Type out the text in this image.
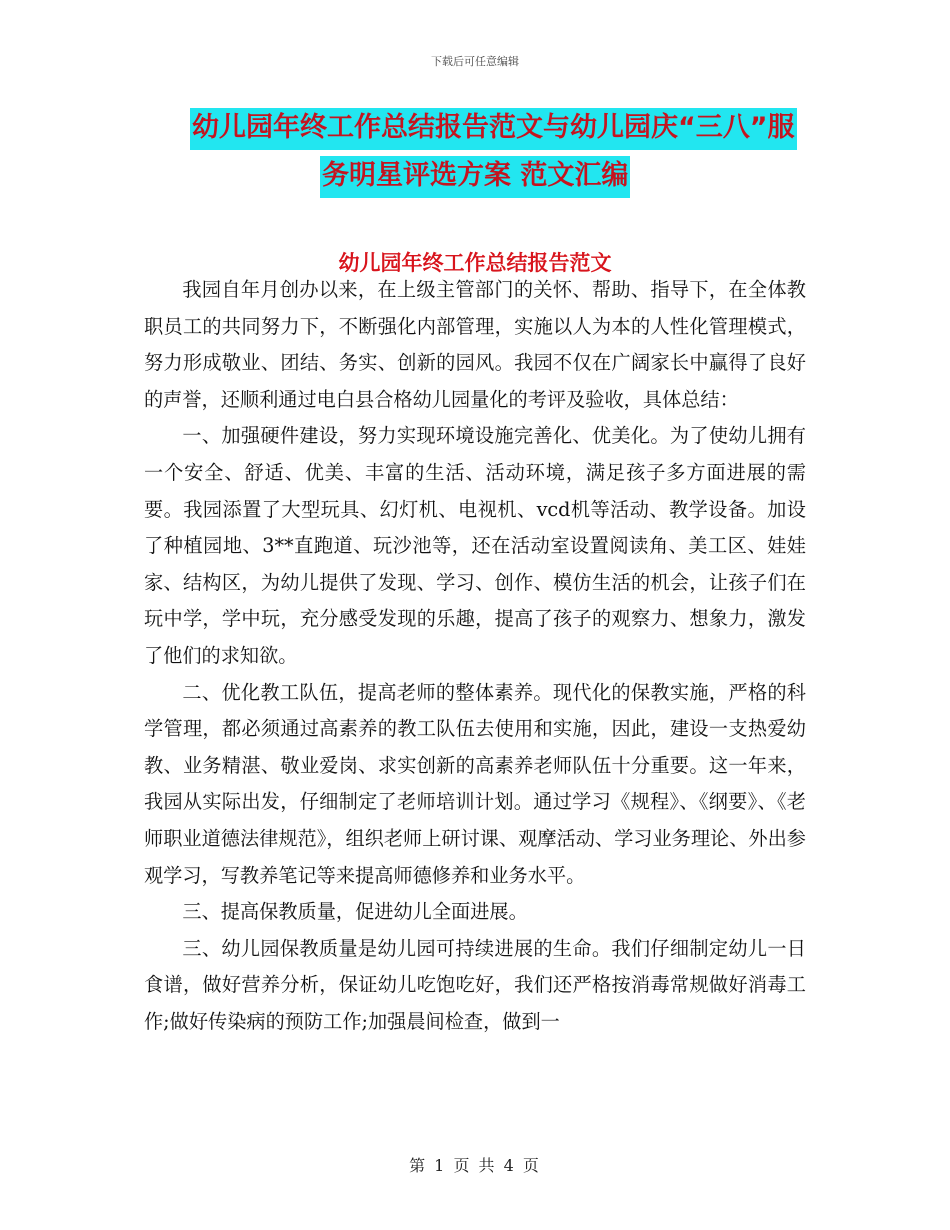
下载后可任意编辑
幼儿园年终工作总结报告范文与幼儿园庆“三八”服
务明星评选方案 范文汇编
幼儿园年终工作总结报告范文

我园自年月创办以来，在上级主管部门的关怀、帮助、指导下，在全体教职员工的共同努力下，不断强化内部管理，实施以人为本的人性化管理模式，努力形成敬业、团结、务实、创新的园风。我园不仅在广阔家长中赢得了良好的声誉，还顺利通过电白县合格幼儿园量化的考评及验收，具体总结：

一、加强硬件建设，努力实现环境设施完善化、优美化。为了使幼儿拥有一个安全、舒适、优美、丰富的生活、活动环境，满足孩子多方面进展的需要。我园添置了大型玩具、幻灯机、电视机、vcd机等活动、教学设备。加设了种植园地、3**直跑道、玩沙池等，还在活动室设置阅读角、美工区、娃娃家、结构区，为幼儿提供了发现、学习、创作、模仿生活的机会，让孩子们在玩中学，学中玩，充分感受发现的乐趣，提高了孩子的观察力、想象力，激发了他们的求知欲。

二、优化教工队伍，提高老师的整体素养。现代化的保教实施，严格的科学管理，都必须通过高素养的教工队伍去使用和实施，因此，建设一支热爱幼教、业务精湛、敬业爱岗、求实创新的高素养老师队伍十分重要。这一年来，我园从实际出发，仔细制定了老师培训计划。通过学习《规程》、《纲要》、《老师职业道德法律规范》，组织老师上研讨课、观摩活动、学习业务理论、外出参观学习，写教养笔记等来提高师德修养和业务水平。

三、提高保教质量，促进幼儿全面进展。

三、幼儿园保教质量是幼儿园可持续进展的生命。我们仔细制定幼儿一日食谱，做好营养分析，保证幼儿吃饱吃好，我们还严格按消毒常规做好消毒工作;做好传染病的预防工作;加强晨间检查，做到一

第 1 页 共 4 页
